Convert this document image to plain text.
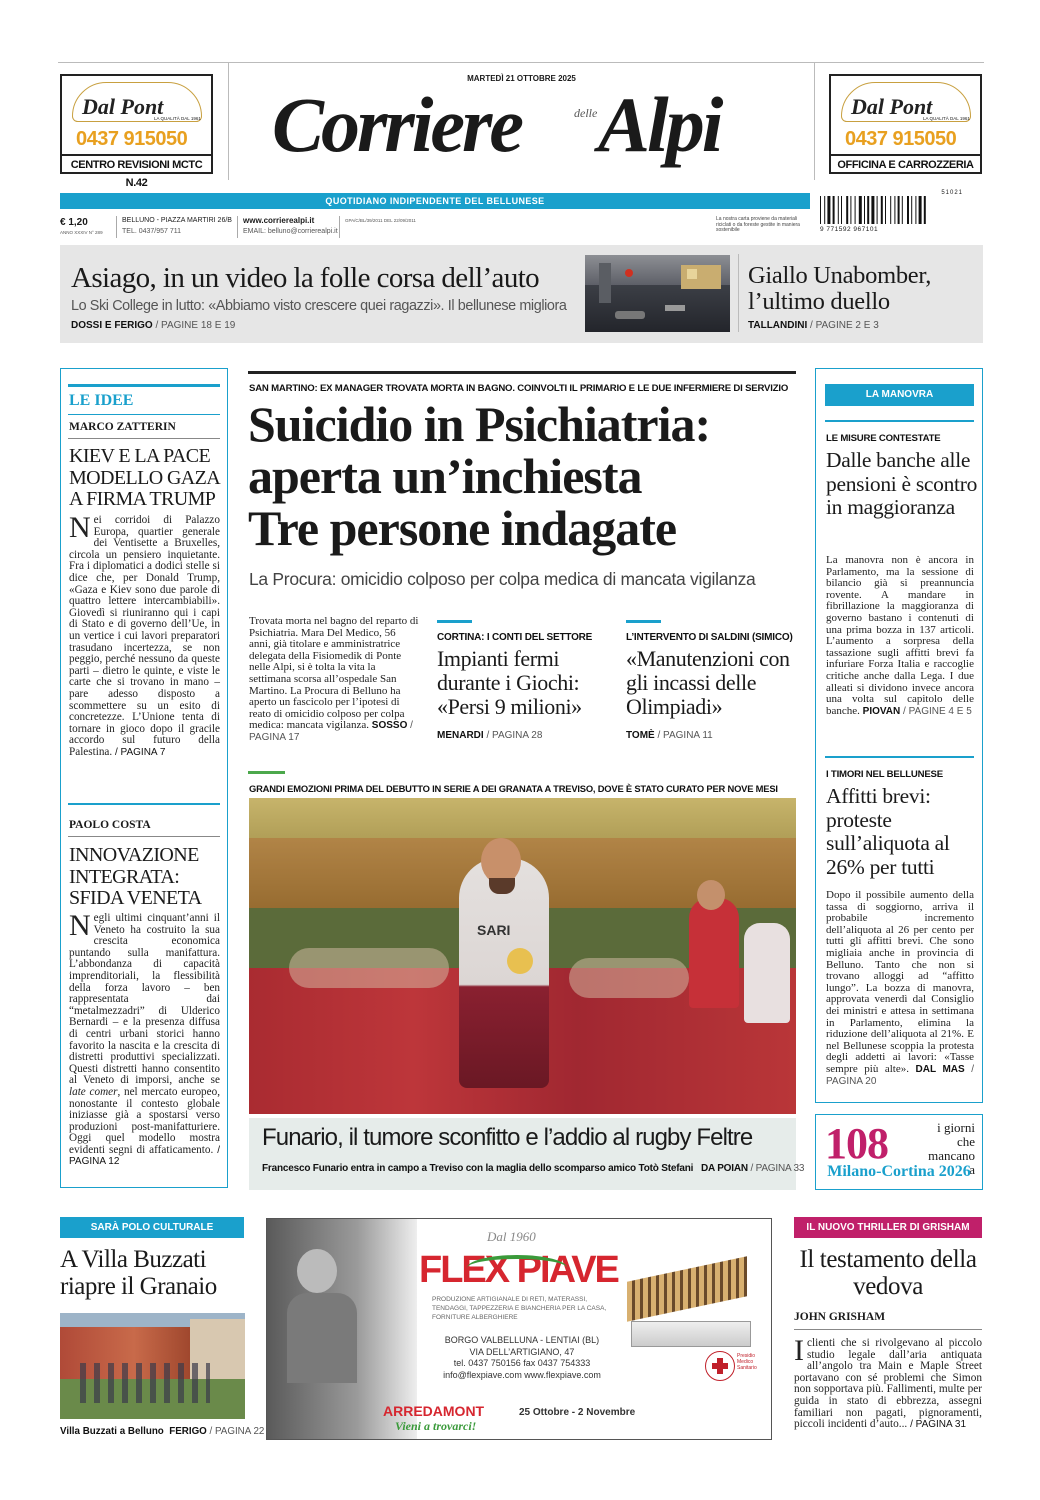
Dal Pont
LA QUALITÀ DAL 1961
0437 915050
CENTRO REVISIONI MCTC N.42
Dal Pont
LA QUALITÀ DAL 1961
0437 915050
OFFICINA E CARROZZERIA
MARTEDÌ 21 OTTOBRE 2025
Corriere	delle Alpi
QUOTIDIANO INDIPENDENTE DEL BELLUNESE
51021
9 771592 967101
€ 1,20
ANNO XXXIV N° 289
BELLUNO - PIAZZA MARTIRI 26/B
TEL. 0437/957 711
www.corrierealpi.it
EMAIL: belluno@corrierealpi.it
GPA/C/BL/39/2011 DEL 22/09/2011	La nostra carta proviene da materiali riciclati o da foreste gestite in maniera sostenibile
Asiago, in un video la folle corsa dell’auto
Lo Ski College in lutto: «Abbiamo visto crescere quei ragazzi». Il bellunese migliora
DOSSI E FERIGO / PAGINE 18 E 19
Giallo Unabomber,
l’ultimo duello
TALLANDINI / PAGINE 2 E 3
LE IDEE
MARCO ZATTERIN
KIEV E LA PACE MODELLO GAZA A FIRMA TRUMP
Nei corridoi di Palazzo Europa, quartier generale dei Ventisette a Bruxelles, circola un pensiero inquietante. Fra i diplomatici a dodici stelle si dice che, per Donald Trump, «Gaza e Kiev sono due parole di quattro lettere intercambiabili». Giovedì si riuniranno qui i capi di Stato e di governo dell’Ue, in un vertice i cui lavori preparatori trasudano incertezza, se non peggio, perché nessuno da queste parti – dietro le quinte, e viste le carte che si trovano in mano – pare adesso disposto a scommettere su un esito di concretezze. L’Unione tenta di tornare in gioco dopo il gracile accordo sul futuro della Palestina. / PAGINA 7
PAOLO COSTA
INNOVAZIONE INTEGRATA: SFIDA VENETA
Negli ultimi cinquant’anni il Veneto ha costruito la sua crescita economica puntando sulla manifattura. L’abbondanza di capacità imprenditoriali, la flessibilità della forza lavoro – ben rappresentata dai “metalmezzadri” di Ulderico Bernardi – e la presenza diffusa di centri urbani storici hanno favorito la nascita e la crescita di distretti produttivi specializzati. Questi distretti hanno consentito al Veneto di imporsi, anche se late comer, nel mercato europeo, nonostante il contesto globale iniziasse già a spostarsi verso produzioni post-manifatturiere. Oggi quel modello mostra evidenti segni di affaticamento. / PAGINA 12
SAN MARTINO: EX MANAGER TROVATA MORTA IN BAGNO. COINVOLTI IL PRIMARIO E LE DUE INFERMIERE DI SERVIZIO
Suicidio in Psichiatria:
aperta un’inchiesta
Tre persone indagate
La Procura: omicidio colposo per colpa medica di mancata vigilanza
Trovata morta nel bagno del reparto di Psichiatria. Mara Del Medico, 56 anni, già titolare e amministratrice delegata della Fisiomedik di Ponte nelle Alpi, si è tolta la vita la settimana scorsa all’ospedale San Martino. La Procura di Belluno ha aperto un fascicolo per l’ipotesi di reato di omicidio colposo per colpa medica: mancata vigilanza. SOSSO / PAGINA 17
CORTINA: I CONTI DEL SETTORE
Impianti fermi durante i Giochi: «Persi 9 milioni»
MENARDI / PAGINA 28
L’INTERVENTO DI SALDINI (SIMICO)
«Manutenzioni con gli incassi delle Olimpiadi»
TOMÈ / PAGINA 11
GRANDI EMOZIONI PRIMA DEL DEBUTTO IN SERIE A DEI GRANATA A TREVISO, DOVE È STATO CURATO PER NOVE MESI
SARI
Funario, il tumore sconfitto e l’addio al rugby Feltre
Francesco Funario entra in campo a Treviso con la maglia dello scomparso amico Totò Stefani DA POIAN / PAGINA 33
LA MANOVRA
LE MISURE CONTESTATE
Dalle banche alle pensioni è scontro in maggioranza
La manovra non è ancora in Parlamento, ma la sessione di bilancio già si preannuncia rovente. A mandare in fibrillazione la maggioranza di governo bastano i contenuti di una prima bozza in 137 articoli. L’aumento a sorpresa della tassazione sugli affitti brevi fa infuriare Forza Italia e raccoglie critiche anche dalla Lega. I due alleati si dividono invece ancora una volta sul capitolo delle banche. PIOVAN / PAGINE 4 E 5
I TIMORI NEL BELLUNESE
Affitti brevi: proteste sull’aliquota al 26% per tutti
Dopo il possibile aumento della tassa di soggiorno, arriva il probabile incremento dell’aliquota al 26 per cento per tutti gli affitti brevi. Che sono migliaia anche in provincia di Belluno. Tanto che non si trovano alloggi ad “affitto lungo”. La bozza di manovra, approvata venerdì dal Consiglio dei ministri e attesa in settimana in Parlamento, elimina la riduzione dell’aliquota al 21%. E nel Bellunese scoppia la protesta degli addetti ai lavori: «Tasse sempre più alte». DAL MAS / PAGINA 20
108	i giorni che mancano a
Milano-Cortina 2026
SARÀ POLO CULTURALE
A Villa Buzzati riapre il Granaio
Villa Buzzati a Belluno FERIGO / PAGINA 22
Dal 1960
FLEX PIAVE
PRODUZIONE ARTIGIANALE DI RETI, MATERASSI,
TENDAGGI, TAPPEZZERIA E BIANCHERIA PER LA CASA,
FORNITURE ALBERGHIERE
BORGO VALBELLUNA - LENTIAI (BL)
VIA DELL’ARTIGIANO, 47
tel. 0437 750156 fax 0437 754333
info@flexpiave.com www.flexpiave.com
Presidio Medico Sanitario
ARREDAMONT
Vieni a trovarci!
25 Ottobre - 2 Novembre
IL NUOVO THRILLER DI GRISHAM
Il testamento della vedova
JOHN GRISHAM
I clienti che si rivolgevano al piccolo studio legale dall’aria antiquata all’angolo tra Main e Maple Street portavano con sé problemi che Simon non sopportava più. Fallimenti, multe per guida in stato di ebbrezza, assegni familiari non pagati, pignoramenti, piccoli incidenti d’auto... / PAGINA 31
